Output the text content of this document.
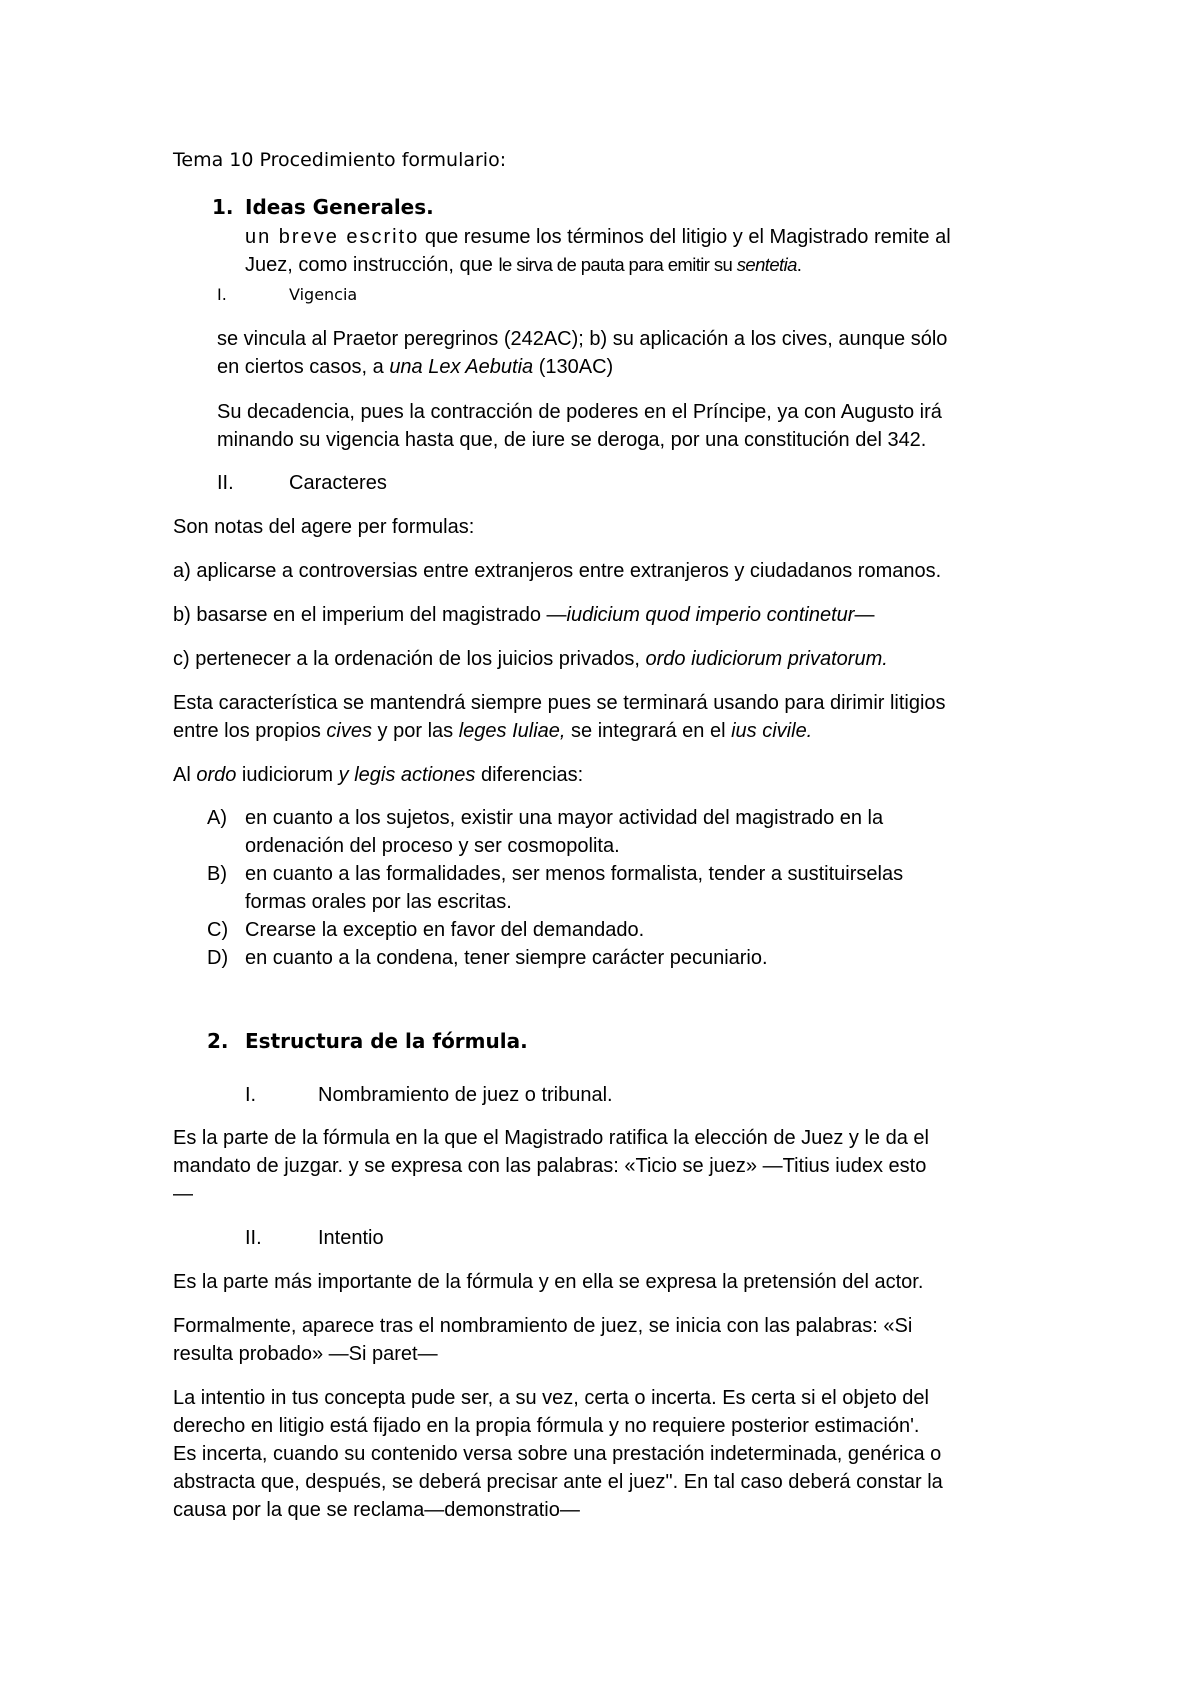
Tema 10 Procedimiento formulario:
1. Ideas Generales.
un breve escrito que resume los términos del litigio y el Magistrado remite al
Juez, como instrucción, que le sirva de pauta para emitir su sentetia.
I.	Vigencia
se vincula al Praetor peregrinos (242AC); b) su aplicación a los cives, aunque sólo
en ciertos casos, a una Lex Aebutia (130AC)
Su decadencia, pues la contracción de poderes en el Príncipe, ya con Augusto irá
minando su vigencia hasta que, de iure se deroga, por una constitución del 342.
II.	Caracteres
Son notas del agere per formulas:
a) aplicarse a controversias entre extranjeros entre extranjeros y ciudadanos romanos.
b) basarse en el imperium del magistrado —iudicium quod imperio continetur—
c) pertenecer a la ordenación de los juicios privados, ordo iudiciorum privatorum.
Esta característica se mantendrá siempre pues se terminará usando para dirimir litigios
entre los propios cives y por las leges Iuliae, se integrará en el ius civile.
Al ordo iudiciorum y legis actiones diferencias:
A) en cuanto a los sujetos, existir una mayor actividad del magistrado en la
ordenación del proceso y ser cosmopolita.
B) en cuanto a las formalidades, ser menos formalista, tender a sustituirselas
formas orales por las escritas.
C) Crearse la exceptio en favor del demandado.
D) en cuanto a la condena, tener siempre carácter pecuniario.
2. Estructura de la fórmula.
I.	Nombramiento de juez o tribunal.
Es la parte de la fórmula en la que el Magistrado ratifica la elección de Juez y le da el
mandato de juzgar. y se expresa con las palabras: «Ticio se juez» —Titius iudex esto
—
II.	Intentio
Es la parte más importante de la fórmula y en ella se expresa la pretensión del actor.
Formalmente, aparece tras el nombramiento de juez, se inicia con las palabras: «Si
resulta probado» —Si paret—
La intentio in tus concepta pude ser, a su vez, certa o incerta. Es certa si el objeto del
derecho en litigio está fijado en la propia fórmula y no requiere posterior estimación'.
Es incerta, cuando su contenido versa sobre una prestación indeterminada, genérica o
abstracta que, después, se deberá precisar ante el juez". En tal caso deberá constar la
causa por la que se reclama—demonstratio—
